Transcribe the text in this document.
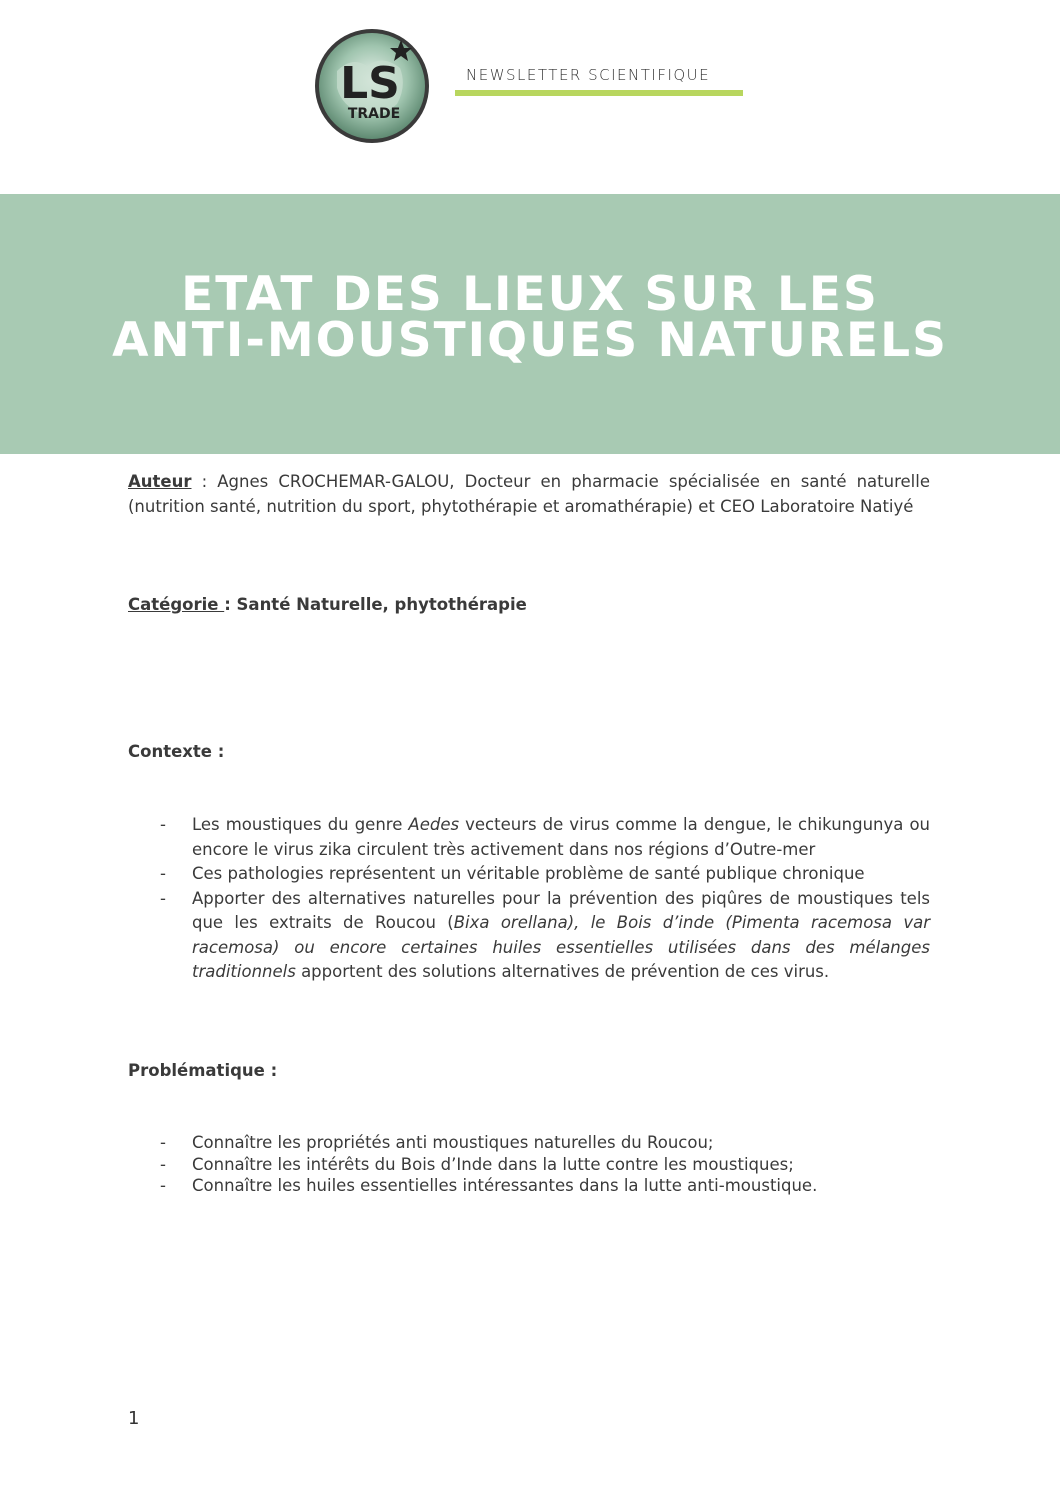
LS
TRADE
NEWSLETTER SCIENTIFIQUE
ETAT DES LIEUX SUR LES
ANTI-MOUSTIQUES NATURELS

Auteur : Agnes CROCHEMAR-GALOU, Docteur en pharmacie spécialisée en santé naturelle (nutrition santé, nutrition du sport, phytothérapie et aromathérapie) et CEO Laboratoire Natiyé

Catégorie : Santé Naturelle, phytothérapie

Contexte :

- Les moustiques du genre Aedes vecteurs de virus comme la dengue, le chikungunya ou encore le virus zika circulent très activement dans nos régions d’Outre-mer
- Ces pathologies représentent un véritable problème de santé publique chronique
- Apporter des alternatives naturelles pour la prévention des piqûres de moustiques tels que les extraits de Roucou (Bixa orellana), le Bois d’inde (Pimenta racemosa var racemosa) ou encore certaines huiles essentielles utilisées dans des mélanges traditionnels apportent des solutions alternatives de prévention de ces virus.

Problématique :

- Connaître les propriétés anti moustiques naturelles du Roucou;
- Connaître les intérêts du Bois d’Inde dans la lutte contre les moustiques;
- Connaître les huiles essentielles intéressantes dans la lutte anti-moustique.
1
